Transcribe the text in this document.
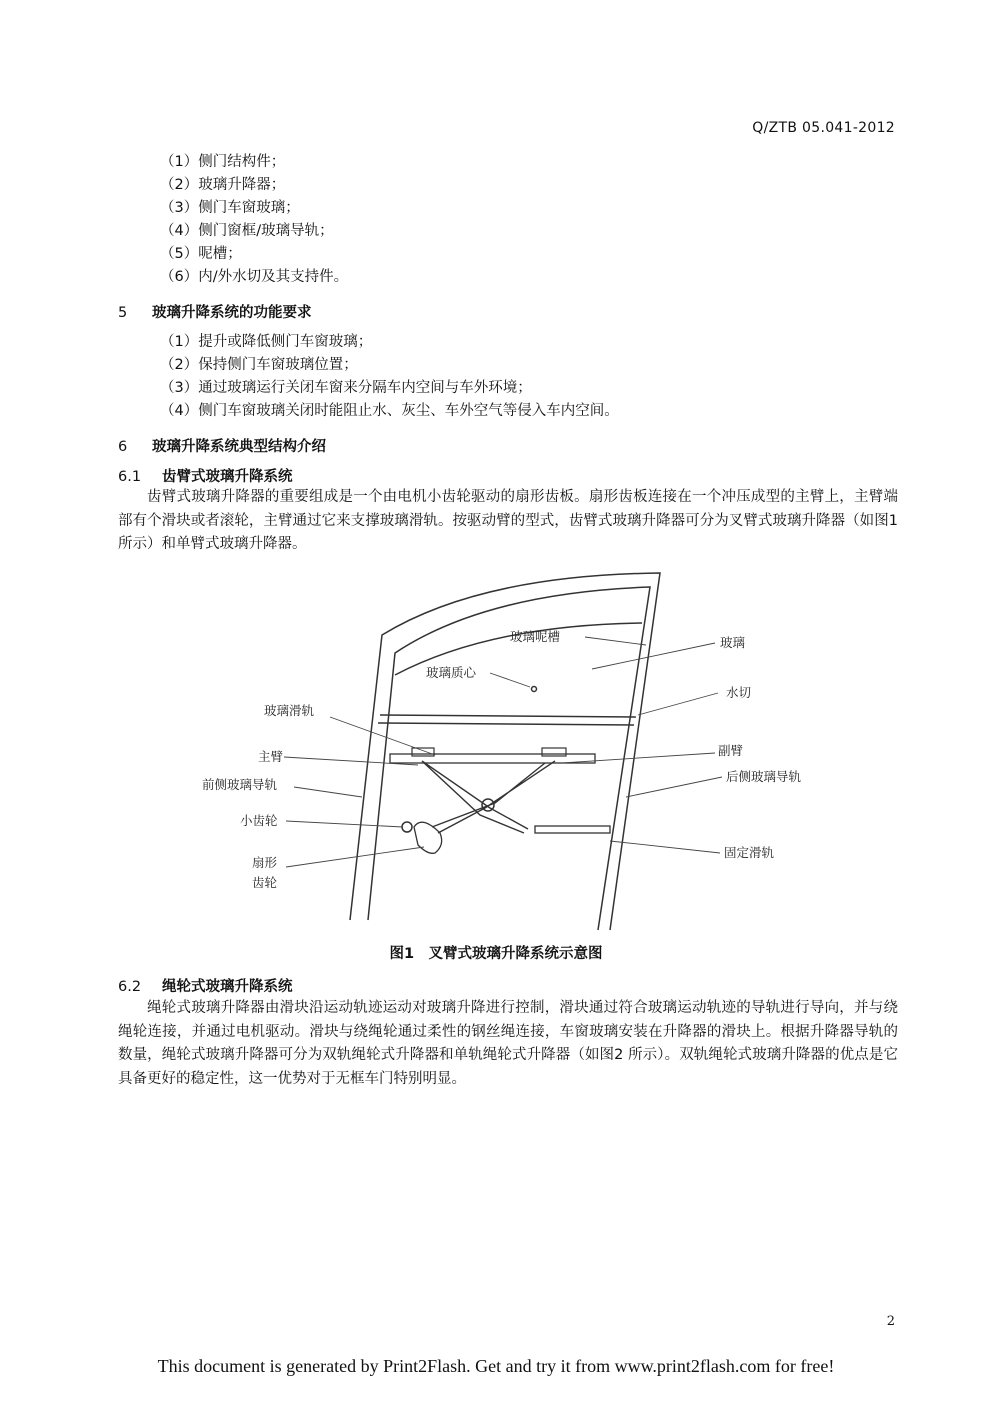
Q/ZTB 05.041-2012
（1）侧门结构件；
（2）玻璃升降器；
（3）侧门车窗玻璃；
（4）侧门窗框/玻璃导轨；
（5）呢槽；
（6）内/外水切及其支持件。
5 玻璃升降系统的功能要求
（1）提升或降低侧门车窗玻璃；
（2）保持侧门车窗玻璃位置；
（3）通过玻璃运行关闭车窗来分隔车内空间与车外环境；
（4）侧门车窗玻璃关闭时能阻止水、灰尘、车外空气等侵入车内空间。
6 玻璃升降系统典型结构介绍
6.1 齿臂式玻璃升降系统
齿臂式玻璃升降器的重要组成是一个由电机小齿轮驱动的扇形齿板。扇形齿板连接在一个冲压成型的主臂上，主臂端部有个滑块或者滚轮，主臂通过它来支撑玻璃滑轨。按驱动臂的型式，齿臂式玻璃升降器可分为叉臂式玻璃升降器（如图1 所示）和单臂式玻璃升降器。
玻璃呢槽	玻璃
玻璃质心
水切
玻璃滑轨
主臂	副臂
前侧玻璃导轨
后侧玻璃导轨
小齿轮
扇形
齿轮
固定滑轨
图1　叉臂式玻璃升降系统示意图
6.2 绳轮式玻璃升降系统
绳轮式玻璃升降器由滑块沿运动轨迹运动对玻璃升降进行控制，滑块通过符合玻璃运动轨迹的导轨进行导向，并与绕绳轮连接，并通过电机驱动。滑块与绕绳轮通过柔性的钢丝绳连接，车窗玻璃安装在升降器的滑块上。根据升降器导轨的数量，绳轮式玻璃升降器可分为双轨绳轮式升降器和单轨绳轮式升降器（如图2 所示）。双轨绳轮式玻璃升降器的优点是它具备更好的稳定性，这一优势对于无框车门特别明显。
2
This document is generated by Print2Flash. Get and try it from www.print2flash.com for free!
